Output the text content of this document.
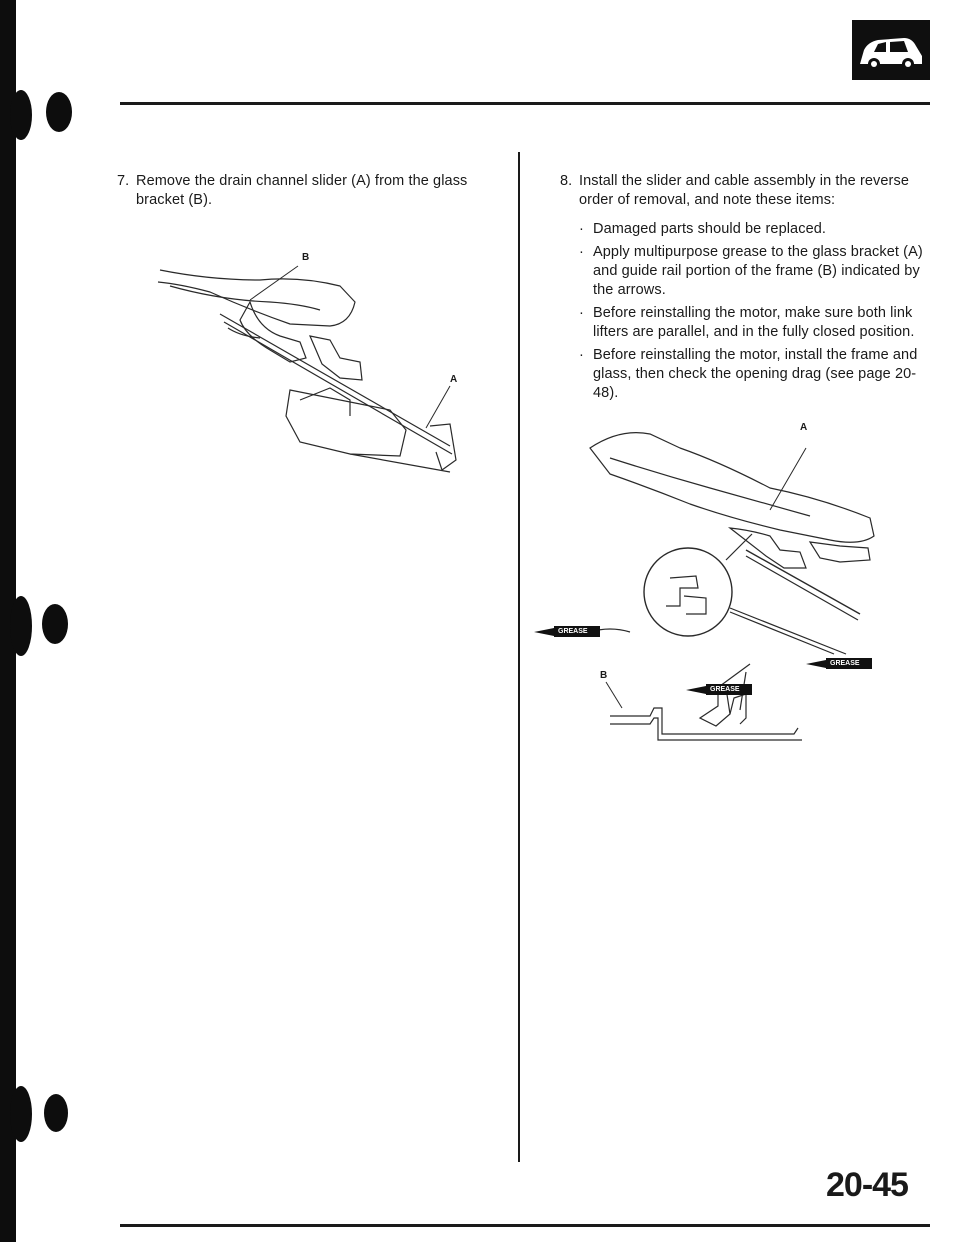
7. Remove the drain channel slider (A) from the glass bracket (B).
B
A
8. Install the slider and cable assembly in the reverse order of removal, and note these items:
· Damaged parts should be replaced.
· Apply multipurpose grease to the glass bracket (A) and guide rail portion of the frame (B) indicated by the arrows.
· Before reinstalling the motor, make sure both link lifters are parallel, and in the fully closed position.
· Before reinstalling the motor, install the frame and glass, then check the opening drag (see page 20-48).
A
B
GREASE
GREASE
GREASE
20-45
